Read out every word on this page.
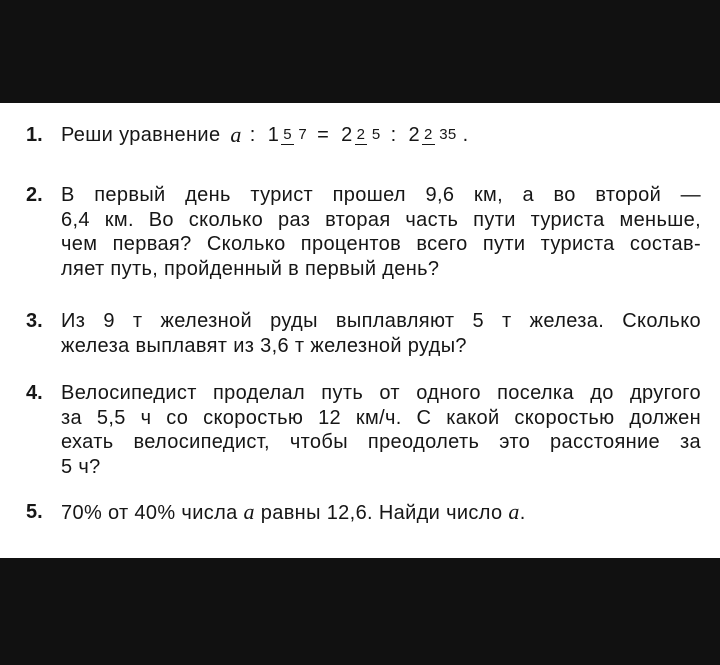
1. Реши уравнение a : 1 5 7 = 2 2 5 : 2 2 35 .
2. В первый день турист прошел 9,6 км, а во второй —
6,4 км. Во сколько раз вторая часть пути туриста меньше,
чем первая? Сколько процентов всего пути туриста состав-
ляет путь, пройденный в первый день?
3. Из 9 т железной руды выплавляют 5 т железа. Сколько
железа выплавят из 3,6 т железной руды?
4. Велосипедист проделал путь от одного поселка до другого
за 5,5 ч со скоростью 12 км/ч. С какой скоростью должен
ехать велосипедист, чтобы преодолеть это расстояние за
5 ч?
5. 70% от 40% числа a равны 12,6. Найди число a.
